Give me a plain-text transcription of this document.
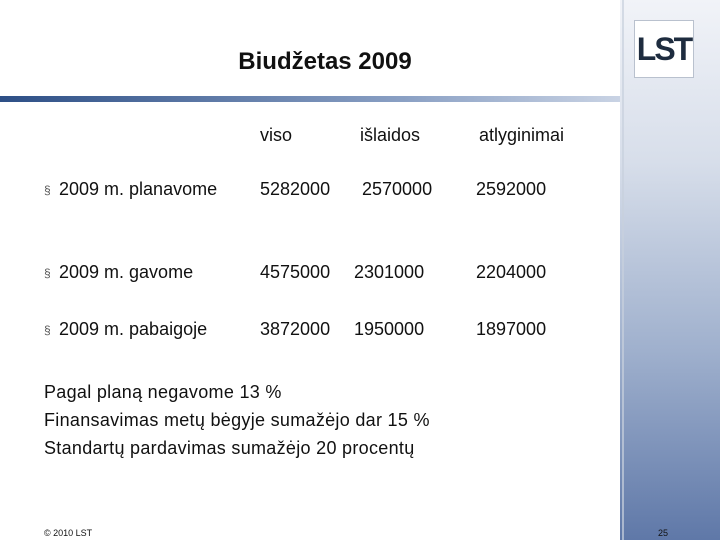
LST
Biudžetas 2009
viso	išlaidos	atlyginimai
§ 2009 m. planavome 5282000 2570000 2592000
§ 2009 m. gavome	4575000 2301000	2204000
§ 2009 m. pabaigoje	3872000 1950000	1897000
Pagal planą negavome 13 %
Finansavimas metų bėgyje sumažėjo dar 15 %
Standartų pardavimas sumažėjo 20 procentų
© 2010 LST	25
